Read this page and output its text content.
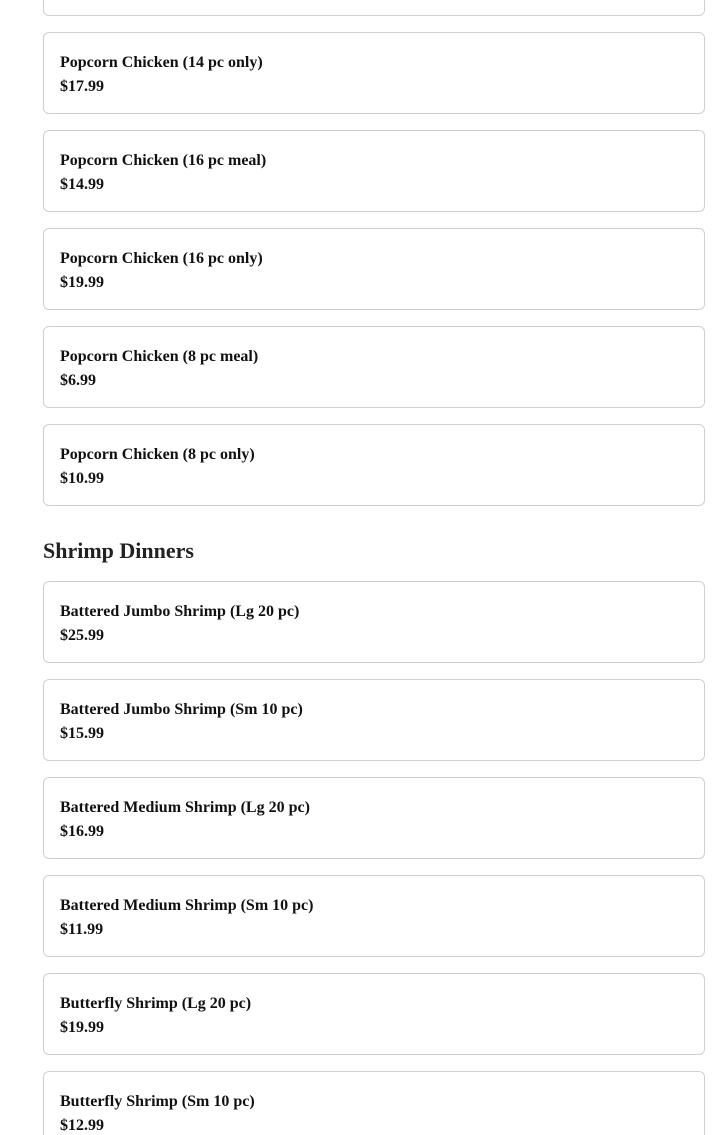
Popcorn Chicken (14 pc only)
$17.99
Popcorn Chicken (16 pc meal)
$14.99
Popcorn Chicken (16 pc only)
$19.99
Popcorn Chicken (8 pc meal)
$6.99
Popcorn Chicken (8 pc only)
$10.99
Shrimp Dinners
Battered Jumbo Shrimp (Lg 20 pc)
$25.99
Battered Jumbo Shrimp (Sm 10 pc)
$15.99
Battered Medium Shrimp (Lg 20 pc)
$16.99
Battered Medium Shrimp (Sm 10 pc)
$11.99
Butterfly Shrimp (Lg 20 pc)
$19.99
Butterfly Shrimp (Sm 10 pc)
$12.99
